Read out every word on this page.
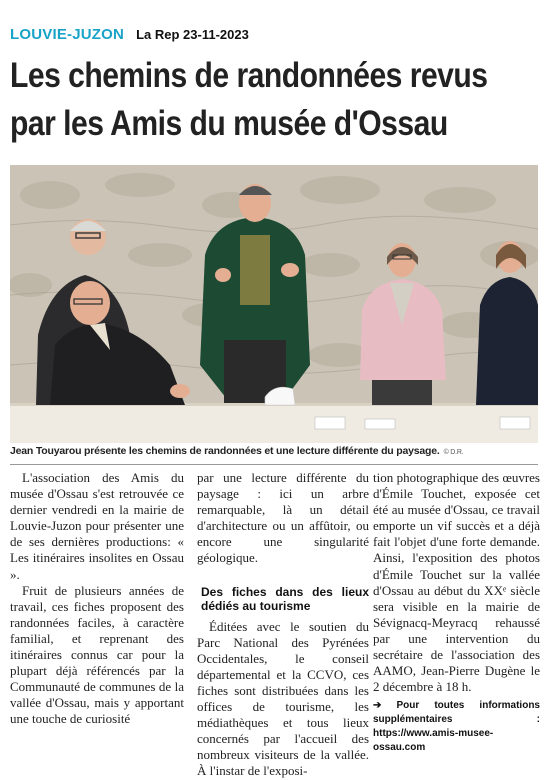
LOUVIE-JUZON La Rep 23-11-2023
Les chemins de randonnées revus
par les Amis du musée d'Ossau
Jean Touyarou présente les chemins de randonnées et une lecture différente du paysage. © D.R.

L'association des Amis du musée d'Ossau s'est retrouvée ce dernier vendredi en la mairie de Louvie-Juzon pour présenter une de ses dernières productions: « Les itinéraires insolites en Ossau ».

Fruit de plusieurs années de travail, ces fiches proposent des randonnées faciles, à caractère familial, et reprenant des itinéraires connus car pour la plupart déjà référencés par la Communauté de communes de la vallée d'Ossau, mais y apportant une touche de curiosité

par une lecture différente du paysage : ici un arbre remarquable, là un détail d'architecture ou un affûtoir, ou encore une singularité géologique.

Des fiches dans des lieux dédiés au tourisme

Éditées avec le soutien du Parc National des Pyrénées Occidentales, le conseil départemental et la CCVO, ces fiches sont distribuées dans les offices de tourisme, les médiathèques et tous lieux concernés par l'accueil des nombreux visiteurs de la vallée. À l'instar de l'exposi-

tion photographique des œuvres d'Émile Touchet, exposée cet été au musée d'Ossau, ce travail emporte un vif succès et a déjà fait l'objet d'une forte demande. Ainsi, l'exposition des photos d'Émile Touchet sur la vallée d'Ossau au début du XXᵉ siècle sera visible en la mairie de Sévignacq-Meyracq rehaussé par une intervention du secrétaire de l'association des AAMO, Jean-Pierre Dugène le 2 décembre à 18 h.

➔ Pour toutes informations supplémentaires : https://www.amis-musee-ossau.com
